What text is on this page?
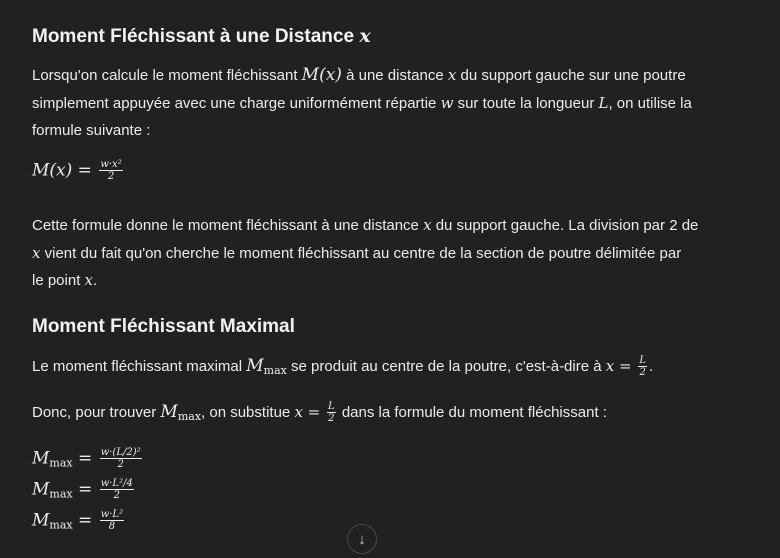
Moment Fléchissant à une Distance x

Lorsqu'on calcule le moment fléchissant M(x) à une distance x du support gauche sur une poutre

simplement appuyée avec une charge uniformément répartie w sur toute la longueur L, on utilise la

formule suivante :

$M(x) = \frac{\text{w·x²}}{2}$

Cette formule donne le moment fléchissant à une distance x du support gauche. La division par 2 de

x vient du fait qu'on cherche le moment fléchissant au centre de la section de poutre délimitée par

le point x.

Moment Fléchissant Maximal

Le moment fléchissant maximal $M_{max}$ se produit au centre de la poutre, c'est-à-dire à $x = \frac{L}{2}$ .

Donc, pour trouver $M_{max}$, on substitue $x = \frac{L}{2}$ dans la formule du moment fléchissant :

$M_{max} = \frac{\text{w·(L/2)²}}{2}$
$M_{max} = \frac{\text{w·L²/4}}{2}$
$M_{max} = \frac{\text{w·L²}}{8}$
↓
